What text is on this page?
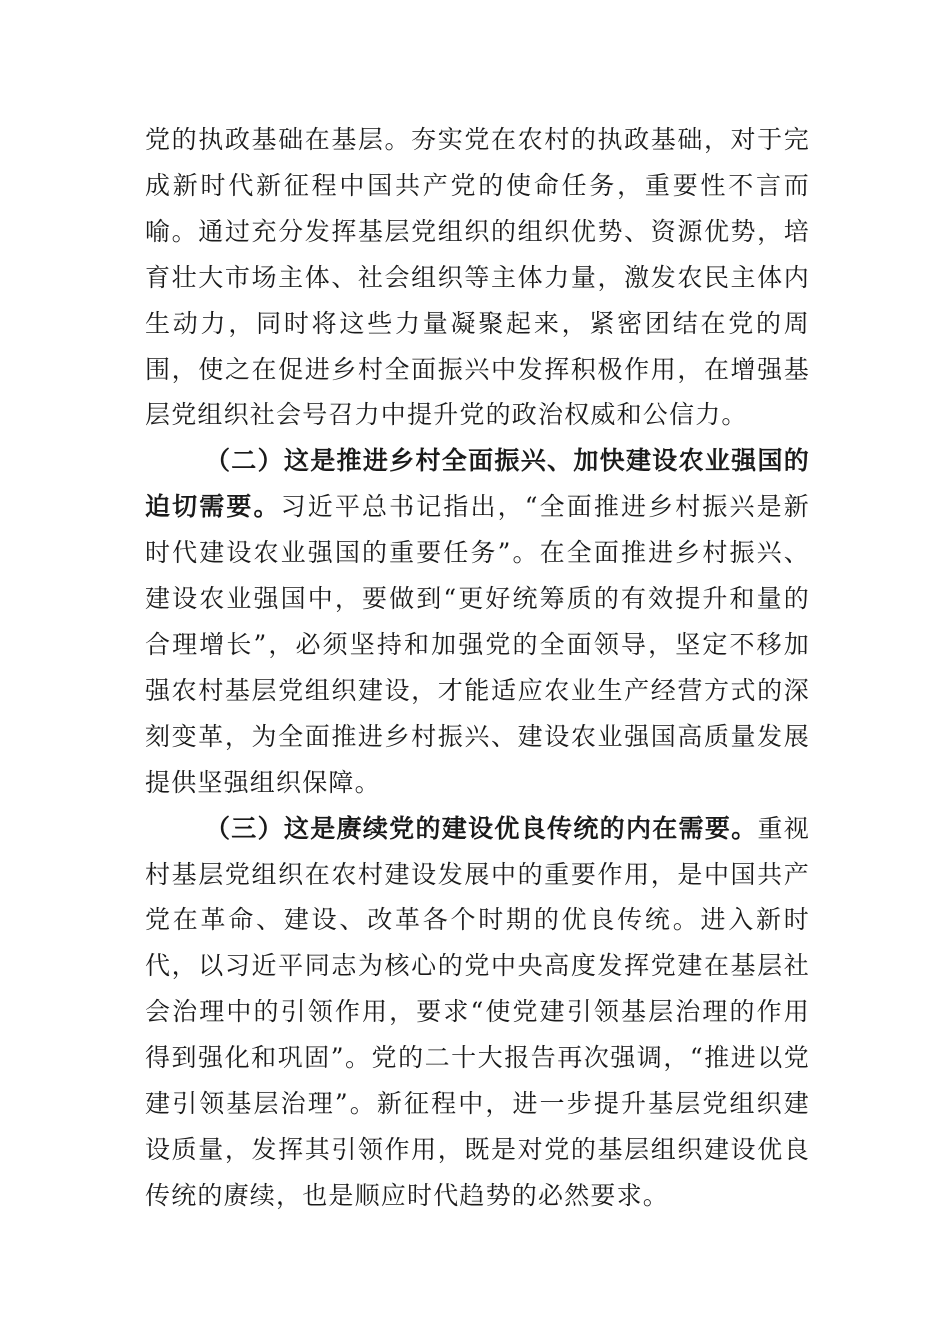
党的执政基础在基层。夯实党在农村的执政基础，对于完成新时代新征程中国共产党的使命任务，重要性不言而喻。通过充分发挥基层党组织的组织优势、资源优势，培育壮大市场主体、社会组织等主体力量，激发农民主体内生动力，同时将这些力量凝聚起来，紧密团结在党的周围，使之在促进乡村全面振兴中发挥积极作用，在增强基层党组织社会号召力中提升党的政治权威和公信力。

（二）这是推进乡村全面振兴、加快建设农业强国的迫切需要。习近平总书记指出，“全面推进乡村振兴是新时代建设农业强国的重要任务”。在全面推进乡村振兴、建设农业强国中，要做到“更好统筹质的有效提升和量的合理增长”，必须坚持和加强党的全面领导，坚定不移加强农村基层党组织建设，才能适应农业生产经营方式的深刻变革，为全面推进乡村振兴、建设农业强国高质量发展提供坚强组织保障。

（三）这是赓续党的建设优良传统的内在需要。重视村基层党组织在农村建设发展中的重要作用，是中国共产党在革命、建设、改革各个时期的优良传统。进入新时代，以习近平同志为核心的党中央高度发挥党建在基层社会治理中的引领作用，要求“使党建引领基层治理的作用得到强化和巩固”。党的二十大报告再次强调，“推进以党建引领基层治理”。新征程中，进一步提升基层党组织建设质量，发挥其引领作用，既是对党的基层组织建设优良传统的赓续，也是顺应时代趋势的必然要求。
